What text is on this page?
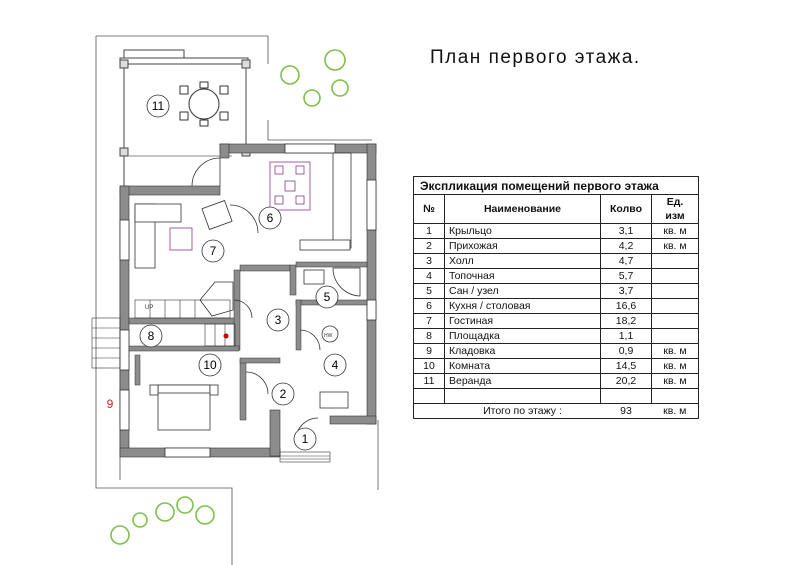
План первого этажа.
UP
HW
11
6
7
5
3
8
4
10
2
1
9
Экспликация помещений первого этажа			
№	Наименование	Колво	Ед. изм
1	Крыльцо	3,1	кв. м
2	Прихожая	4,2	кв. м
3	Холл	4,7	
4	Топочная	5,7	
5	Сан / узел	3,7	
6	Кухня / столовая	16,6	
7	Гостиная	18,2	
8	Площадка	1,1	
9	Кладовка	0,9	кв. м
10	Комната	14,5	кв. м
11	Веранда	20,2	кв. м

	Итого по этажу :	93	кв. м
